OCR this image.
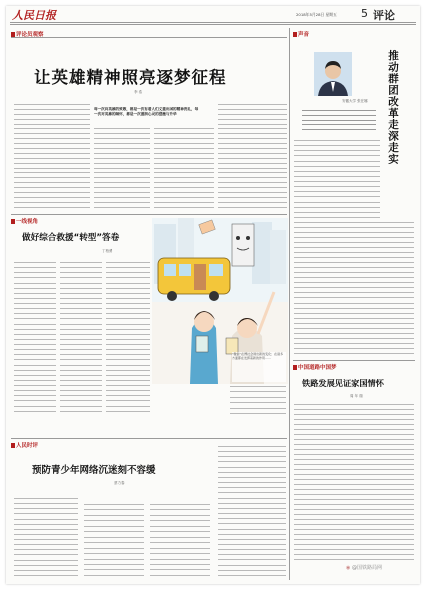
人民日报	2018年5月28日 星期五 5 评论
评论员观察
让英雄精神照亮逐梦征程
李 浩
每一次向英雄的致敬，都是一次有着人们义重出国的精神洗礼，每一次对英雄的缅怀，都是一次滋润心灵的澄澈与升华
一线视角
做好综合救援“转型”答卷
丁柏勇
“微信”在博社会诱出新的变化；在诸多方面都在发挥着新的作用……
人民时评
预防青少年网络沉迷刻不容缓
蔡力春
声音
安徽大学 张在娜 推动群团改革走深走实
中国道路中国梦
铁路发展见证家国情怀
周 年 瑞
◉ @国铁路局网
